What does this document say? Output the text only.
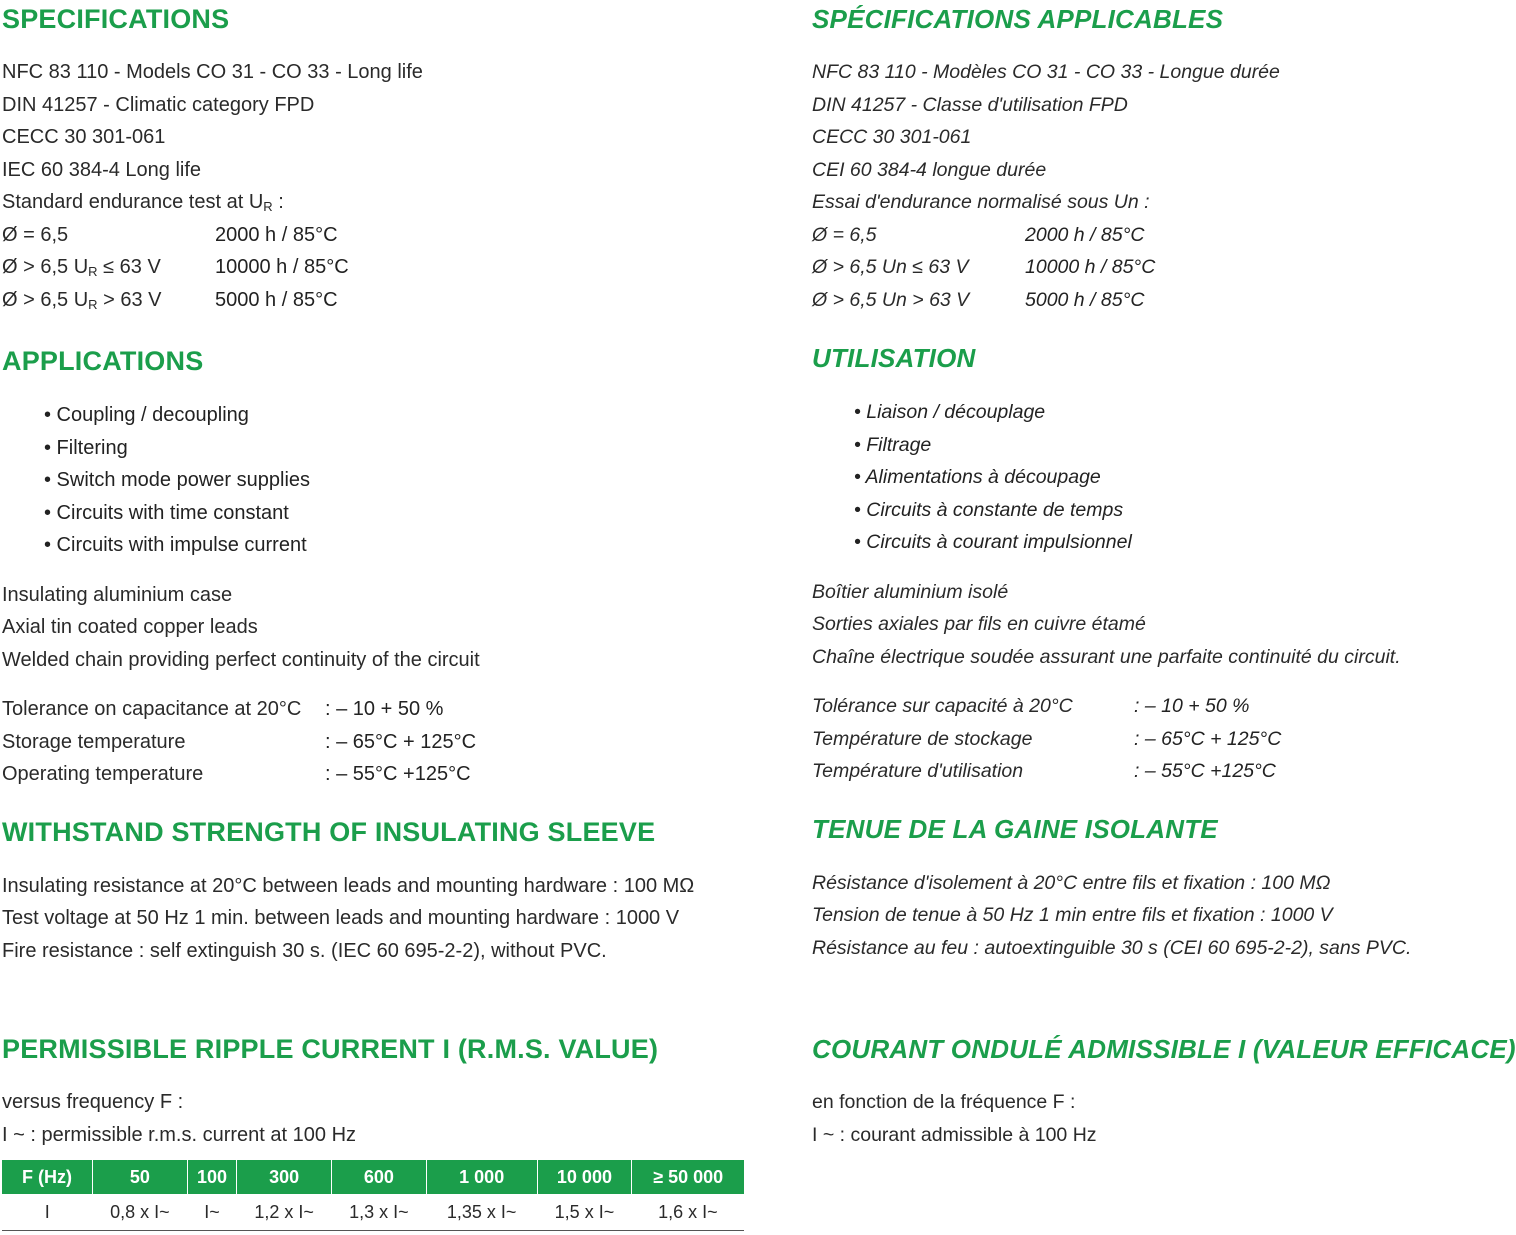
SPECIFICATIONS
NFC 83 110 - Models CO 31 - CO 33 - Long life
DIN 41257 - Climatic category FPD
CECC 30 301-061
IEC 60 384-4 Long life
Standard endurance test at $U_R$ :
Ø = 6,5	2000 h / 85°C
Ø > 6,5 $U_R \le 63$ V	10000 h / 85°C
Ø > 6,5 $U_R > 63$ V	5000 h / 85°C
APPLICATIONS
• Coupling / decoupling
• Filtering
• Switch mode power supplies
• Circuits with time constant
• Circuits with impulse current
Insulating aluminium case
Axial tin coated copper leads
Welded chain providing perfect continuity of the circuit
Tolerance on capacitance at 20°C : – 10 + 50 %
Storage temperature	: – 65°C + 125°C
Operating temperature	: – 55°C +125°C
WITHSTAND STRENGTH OF INSULATING SLEEVE
Insulating resistance at 20°C between leads and mounting hardware : 100 MΩ
Test voltage at 50 Hz 1 min. between leads and mounting hardware : 1000 V
Fire resistance : self extinguish 30 s. (IEC 60 695-2-2), without PVC.
PERMISSIBLE RIPPLE CURRENT I (R.M.S. VALUE)
versus frequency F :
I ~ : permissible r.m.s. current at 100 Hz
F (Hz)	50	100	300	600	1 000	10 000	≥ 50 000
I	0,8 x I~	I~	1,2 x I~	1,3 x I~	1,35 x I~	1,5 x I~	1,6 x I~
SPÉCIFICATIONS APPLICABLES
NFC 83 110 - Modèles CO 31 - CO 33 - Longue durée
DIN 41257 - Classe d'utilisation FPD
CECC 30 301-061
CEI 60 384-4 longue durée
Essai d'endurance normalisé sous Un :
Ø = 6,5	2000 h / 85°C
Ø > 6,5 Un ≤ 63 V	10000 h / 85°C
Ø > 6,5 Un > 63 V	5000 h / 85°C
UTILISATION
• Liaison / découplage
• Filtrage
• Alimentations à découpage
• Circuits à constante de temps
• Circuits à courant impulsionnel
Boîtier aluminium isolé
Sorties axiales par fils en cuivre étamé
Chaîne électrique soudée assurant une parfaite continuité du circuit.
Tolérance sur capacité à 20°C	: – 10 + 50 %
Température de stockage	: – 65°C + 125°C
Température d'utilisation	: – 55°C +125°C
TENUE DE LA GAINE ISOLANTE
Résistance d'isolement à 20°C entre fils et fixation : 100 MΩ
Tension de tenue à 50 Hz 1 min entre fils et fixation : 1000 V
Résistance au feu : autoextinguible 30 s (CEI 60 695-2-2), sans PVC.
COURANT ONDULÉ ADMISSIBLE I (VALEUR EFFICACE)
en fonction de la fréquence F :
I ~ : courant admissible à 100 Hz
